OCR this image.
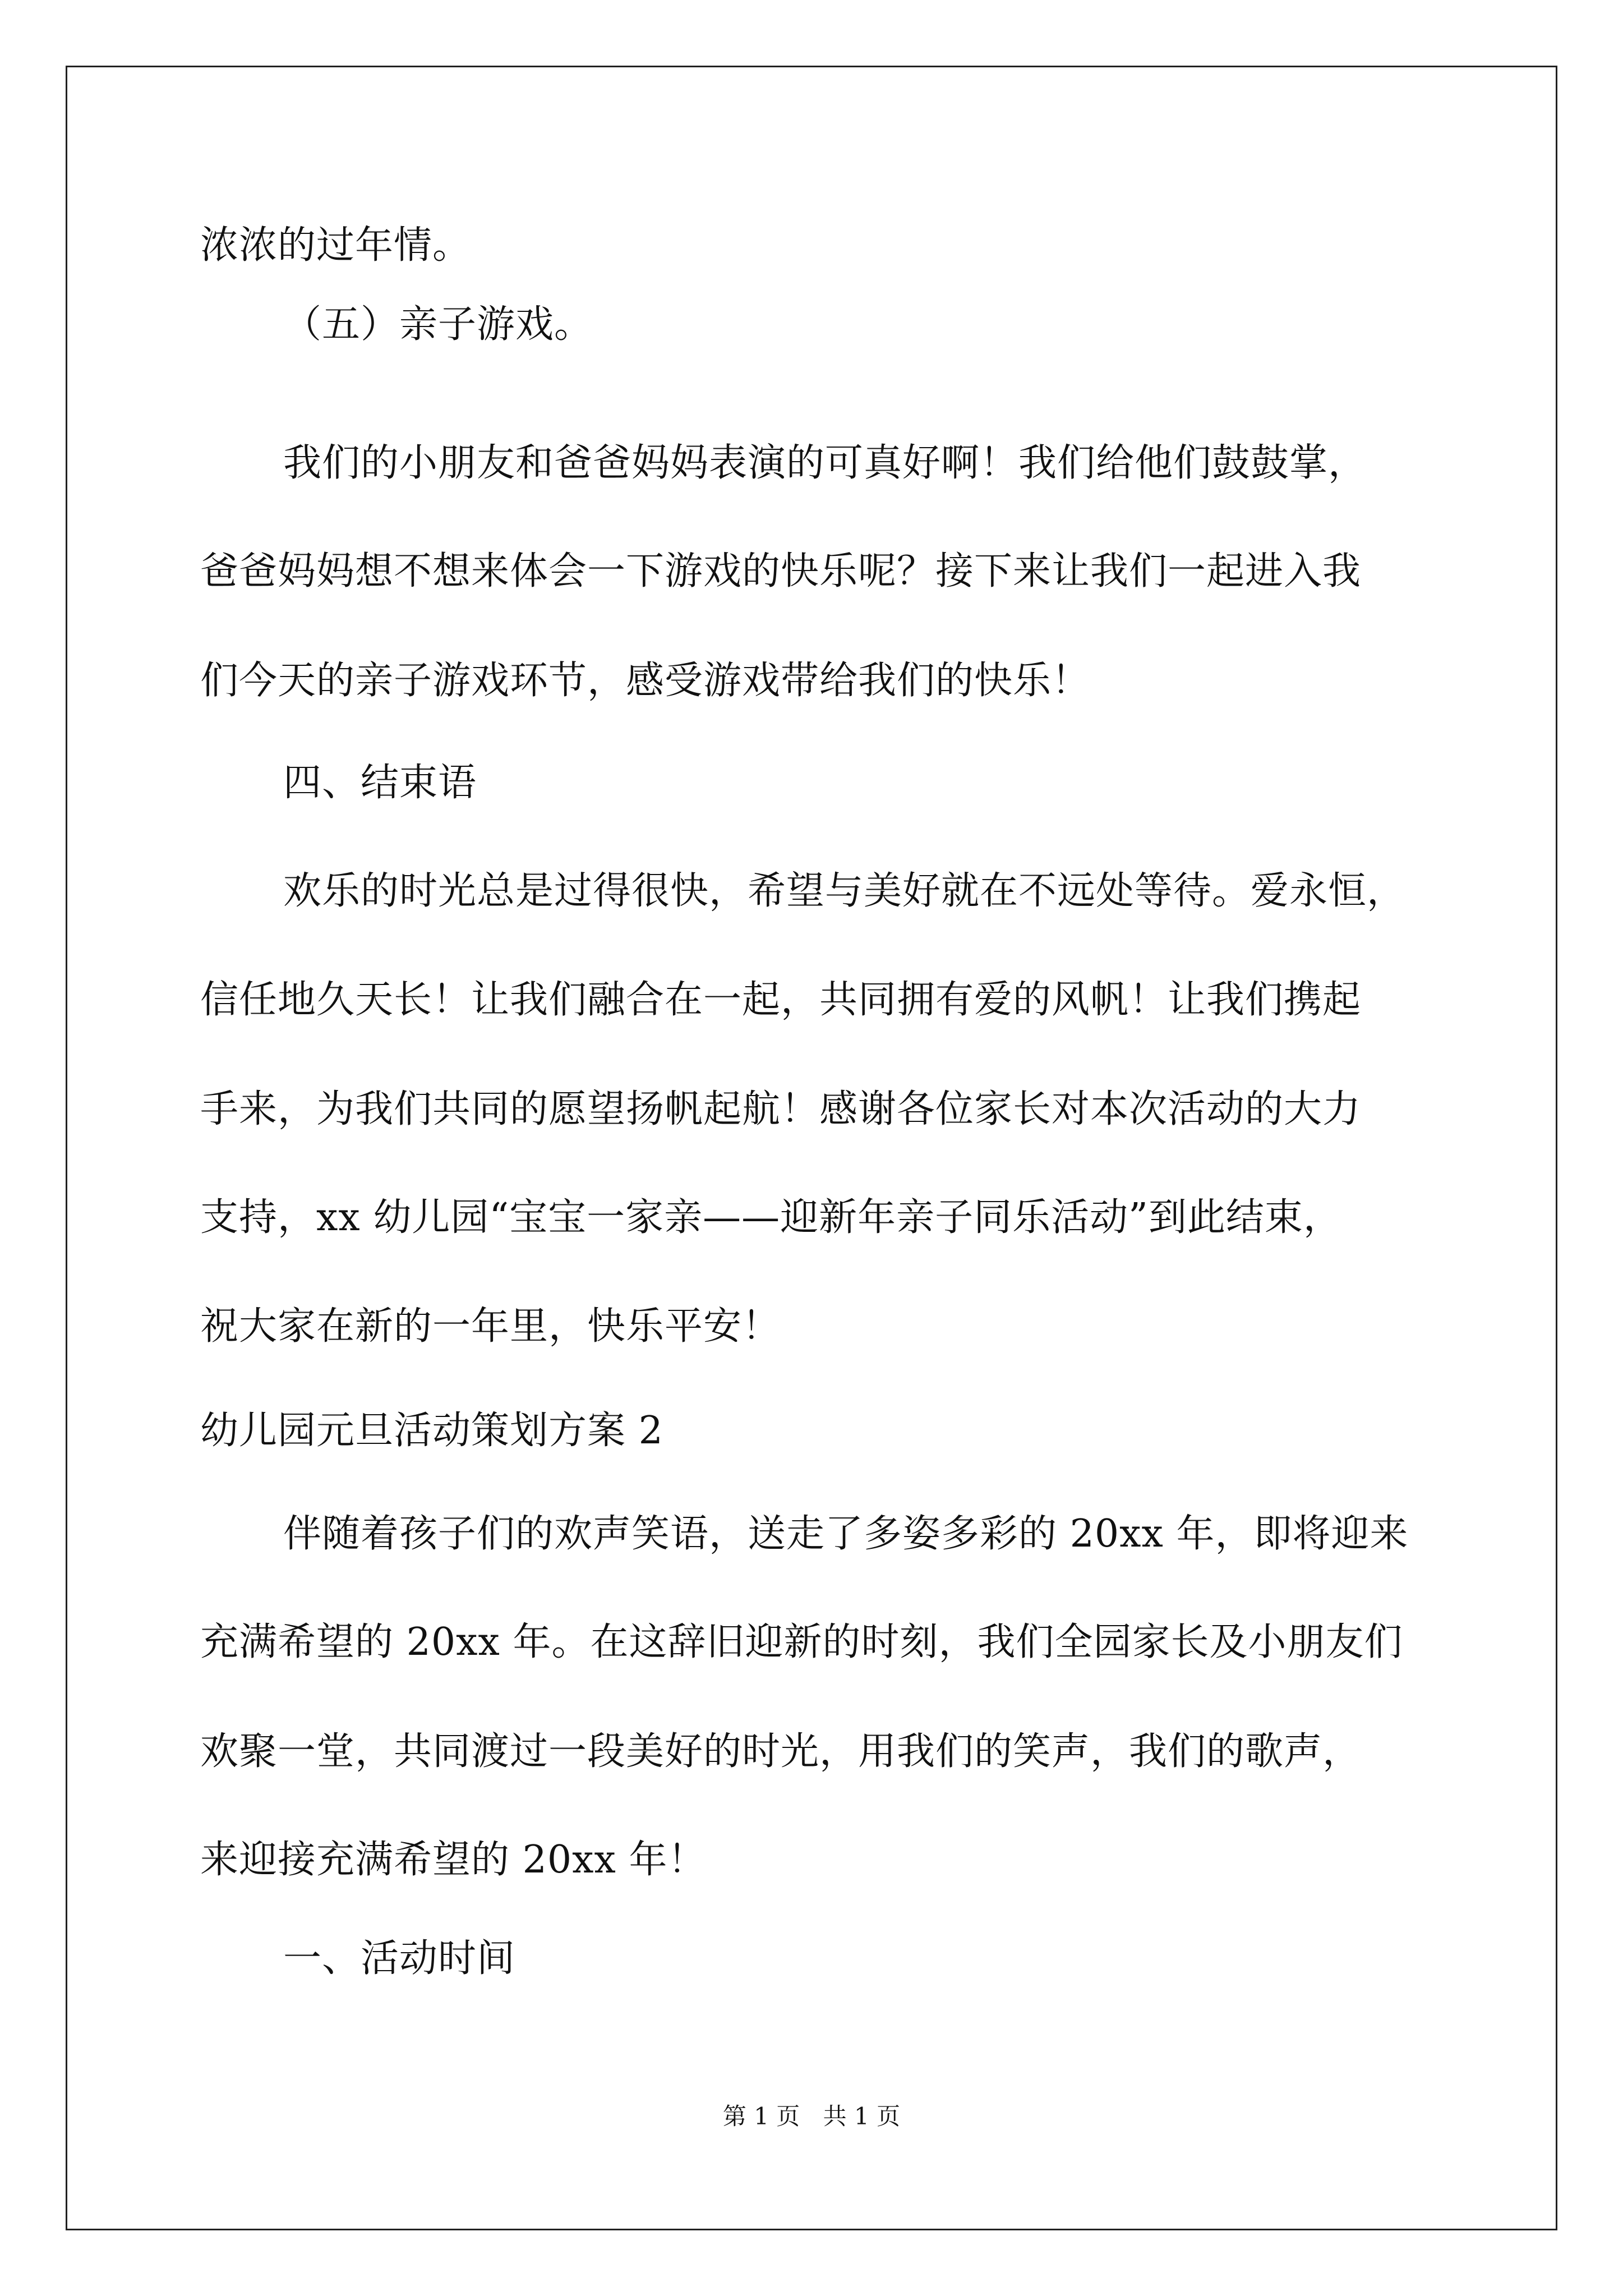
浓浓的过年情。
（五）亲子游戏。
我们的小朋友和爸爸妈妈表演的可真好啊！我们给他们鼓鼓掌，
爸爸妈妈想不想来体会一下游戏的快乐呢？接下来让我们一起进入我
们今天的亲子游戏环节，感受游戏带给我们的快乐！
四、结束语
欢乐的时光总是过得很快，希望与美好就在不远处等待。爱永恒，
信任地久天长！让我们融合在一起，共同拥有爱的风帆！让我们携起
手来，为我们共同的愿望扬帆起航！感谢各位家长对本次活动的大力
支持，xx 幼儿园“宝宝一家亲——迎新年亲子同乐活动”到此结束，
祝大家在新的一年里，快乐平安！
幼儿园元旦活动策划方案 2
伴随着孩子们的欢声笑语，送走了多姿多彩的 20xx 年，即将迎来
充满希望的 20xx 年。在这辞旧迎新的时刻，我们全园家长及小朋友们
欢聚一堂，共同渡过一段美好的时光，用我们的笑声，我们的歌声，
来迎接充满希望的 20xx 年！
一、活动时间
第 1 页 共 1 页
